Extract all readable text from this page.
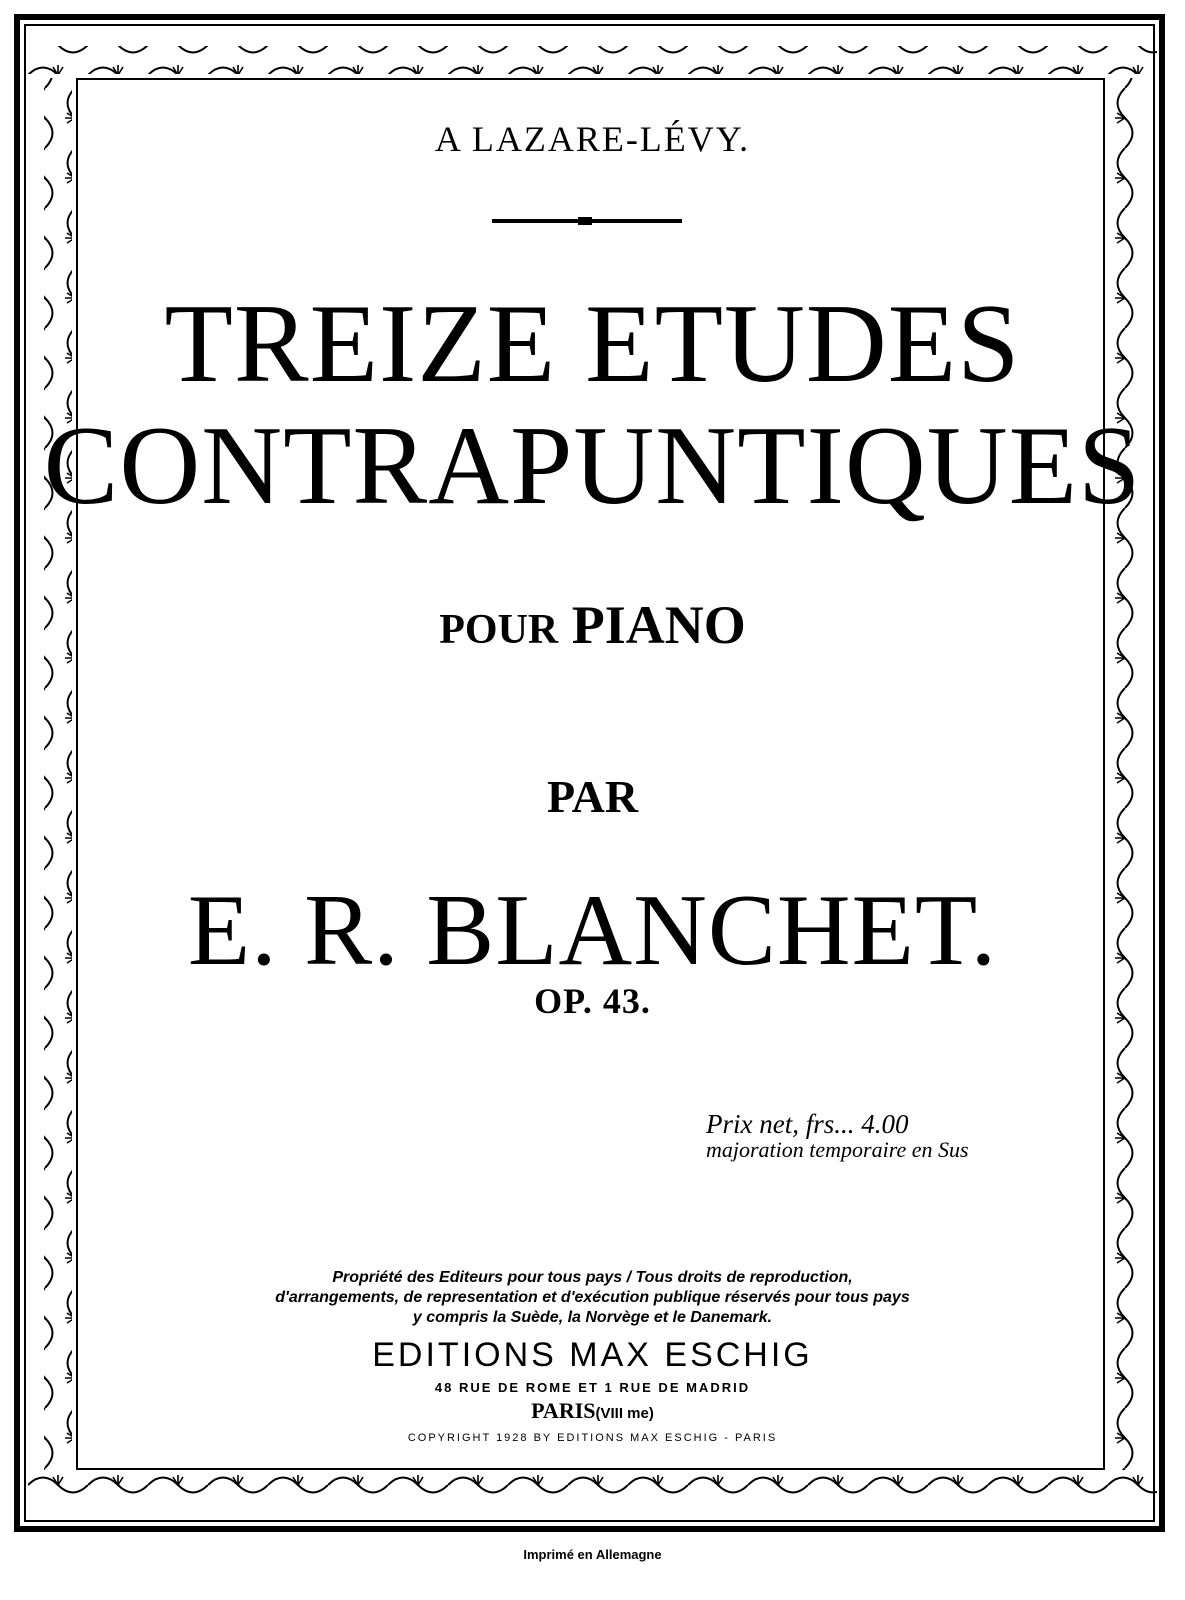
A LAZARE-LÉVY.
TREIZE ETUDES
CONTRAPUNTIQUES
POUR PIANO
PAR
E. R. BLANCHET.
OP. 43.
Prix net, frs... 4.00
majoration temporaire en Sus
Propriété des Editeurs pour tous pays / Tous droits de reproduction,
d'arrangements, de representation et d'exécution publique réservés pour tous pays
y compris la Suède, la Norvège et le Danemark.
EDITIONS MAX ESCHIG
48 RUE DE ROME ET 1 RUE DE MADRID
PARIS(VIII me)
COPYRIGHT 1928 BY EDITIONS MAX ESCHIG - PARIS
Imprimé en Allemagne
